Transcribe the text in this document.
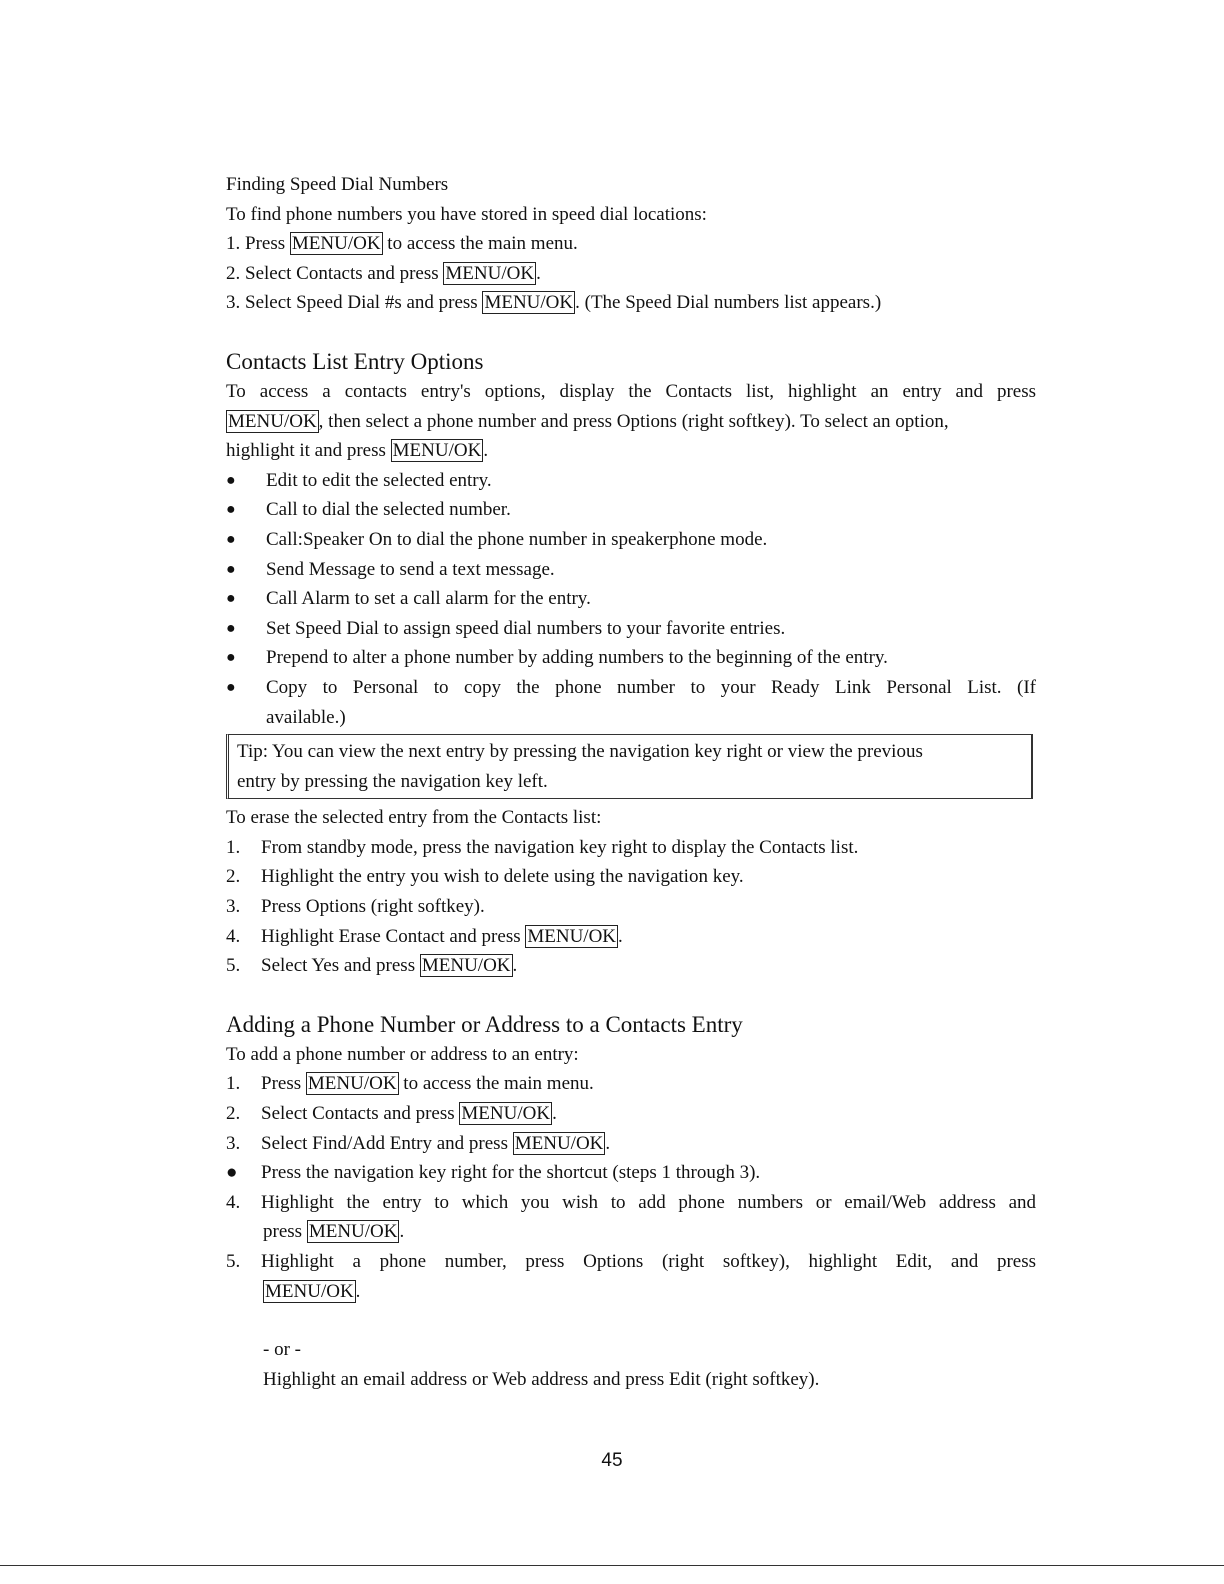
Finding Speed Dial Numbers
To find phone numbers you have stored in speed dial locations:
1. Press MENU/OK to access the main menu.
2. Select Contacts and press MENU/OK .
3. Select Speed Dial #s and press MENU/OK . (The Speed Dial numbers list appears.)
Contacts List Entry Options
To access a contacts entry's options, display the Contacts list, highlight an entry and press
MENU/OK , then select a phone number and press Options (right softkey). To select an option,
highlight it and press MENU/OK .
●	Edit to edit the selected entry.
●	Call to dial the selected number.
●	Call:Speaker On to dial the phone number in speakerphone mode.
●	Send Message to send a text message.
●	Call Alarm to set a call alarm for the entry.
●	Set Speed Dial to assign speed dial numbers to your favorite entries.
●	Prepend to alter a phone number by adding numbers to the beginning of the entry.
●	Copy to Personal to copy the phone number to your Ready Link Personal List. (If
available.)
Tip: You can view the next entry by pressing the navigation key right or view the previous
entry by pressing the navigation key left.
To erase the selected entry from the Contacts list:
1.	From standby mode, press the navigation key right to display the Contacts list.
2.	Highlight the entry you wish to delete using the navigation key.
3.	Press Options (right softkey).
4.	Highlight Erase Contact and press MENU/OK .
5.	Select Yes and press MENU/OK .
Adding a Phone Number or Address to a Contacts Entry
To add a phone number or address to an entry:
1.	Press MENU/OK to access the main menu.
2.	Select Contacts and press MENU/OK .
3.	Select Find/Add Entry and press MENU/OK .
●	Press the navigation key right for the shortcut (steps 1 through 3).
4.	Highlight the entry to which you wish to add phone numbers or email/Web address and
press MENU/OK .
5.	Highlight a phone number, press Options (right softkey), highlight Edit, and press
MENU/OK .
- or -
Highlight an email address or Web address and press Edit (right softkey).
45
